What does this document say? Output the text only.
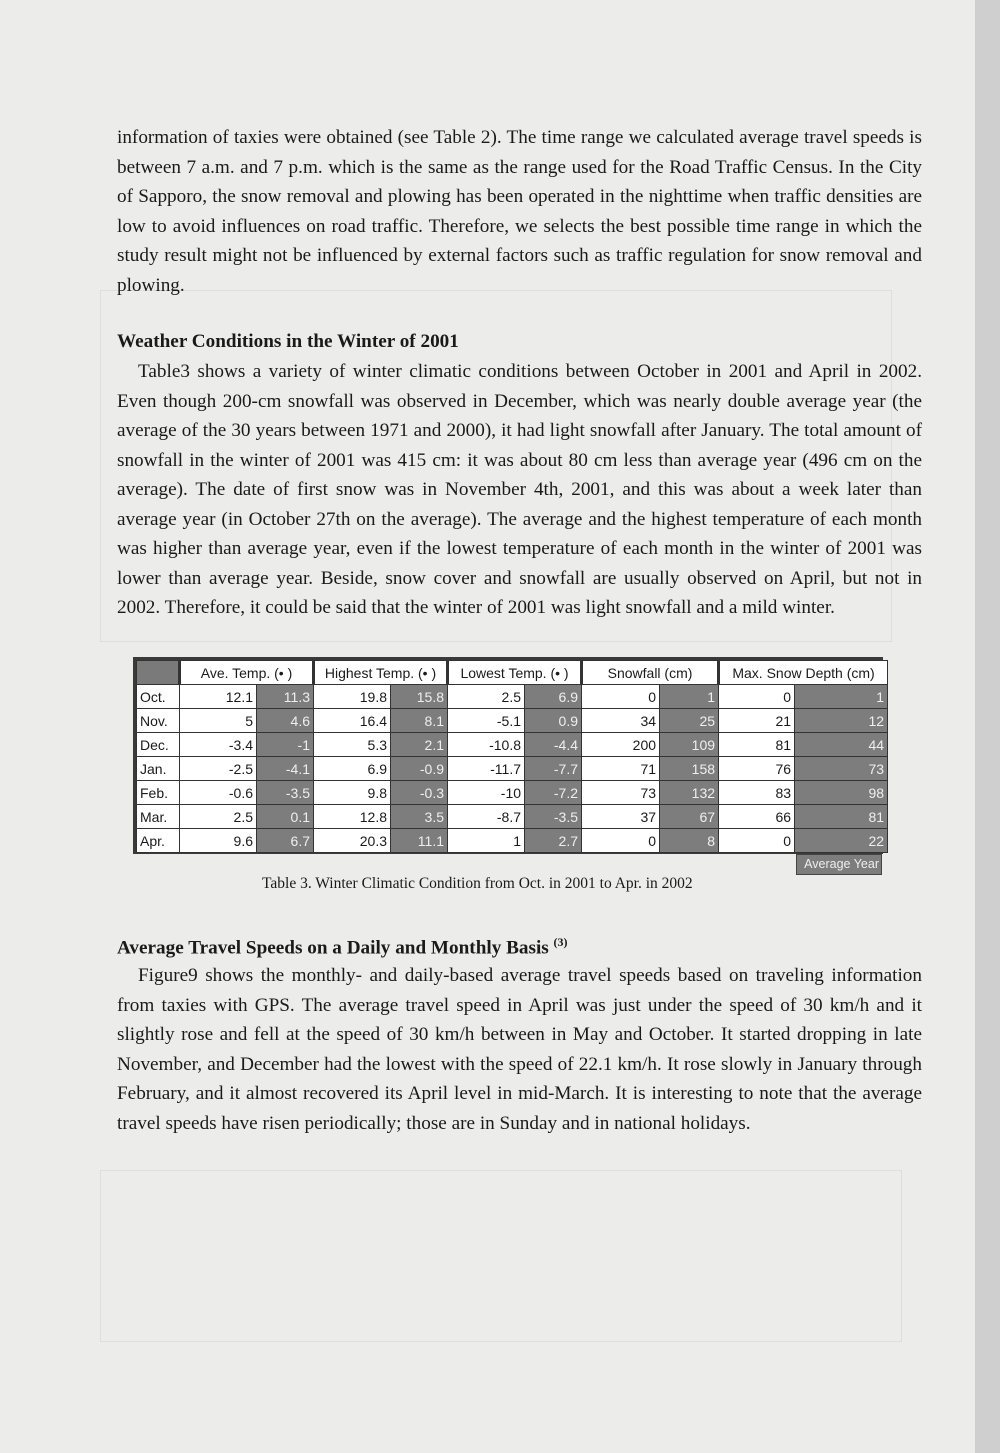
information of taxies were obtained (see Table 2). The time range we calculated average travel speeds is between 7 a.m. and 7 p.m. which is the same as the range used for the Road Traffic Census. In the City of Sapporo, the snow removal and plowing has been operated in the nighttime when traffic densities are low to avoid influences on road traffic. Therefore, we selects the best possible time range in which the study result might not be influenced by external factors such as traffic regulation for snow removal and plowing.

Weather Conditions in the Winter of 2001

Table3 shows a variety of winter climatic conditions between October in 2001 and April in 2002. Even though 200-cm snowfall was observed in December, which was nearly double average year (the average of the 30 years between 1971 and 2000), it had light snowfall after January. The total amount of snowfall in the winter of 2001 was 415 cm: it was about 80 cm less than average year (496 cm on the average). The date of first snow was in November 4th, 2001, and this was about a week later than average year (in October 27th on the average). The average and the highest temperature of each month was higher than average year, even if the lowest temperature of each month in the winter of 2001 was lower than average year. Beside, snow cover and snowfall are usually observed on April, but not in 2002. Therefore, it could be said that the winter of 2001 was light snowfall and a mild winter.

	Ave. Temp. (• )		Highest Temp. (• )		Lowest Temp. (• )		Snowfall (cm)		Max. Snow Depth (cm)	
Oct.	12.1	11.3	19.8	15.8	2.5	6.9	0	1	0	1
Nov.	5	4.6	16.4	8.1	-5.1	0.9	34	25	21	12
Dec.	-3.4	-1	5.3	2.1	-10.8	-4.4	200	109	81	44
Jan.	-2.5	-4.1	6.9	-0.9	-11.7	-7.7	71	158	76	73
Feb.	-0.6	-3.5	9.8	-0.3	-10	-7.2	73	132	83	98
Mar.	2.5	0.1	12.8	3.5	-8.7	-3.5	37	67	66	81
Apr.	9.6	6.7	20.3	11.1	1	2.7	0	8	0	22
Average Year

Table 3. Winter Climatic Condition from Oct. in 2001 to Apr. in 2002

Average Travel Speeds on a Daily and Monthly Basis $^{(3)}$

Figure9 shows the monthly- and daily-based average travel speeds based on traveling information from taxies with GPS. The average travel speed in April was just under the speed of 30 km/h and it slightly rose and fell at the speed of 30 km/h between in May and October. It started dropping in late November, and December had the lowest with the speed of 22.1 km/h. It rose slowly in January through February, and it almost recovered its April level in mid-March. It is interesting to note that the average travel speeds have risen periodically; those are in Sunday and in national holidays.
